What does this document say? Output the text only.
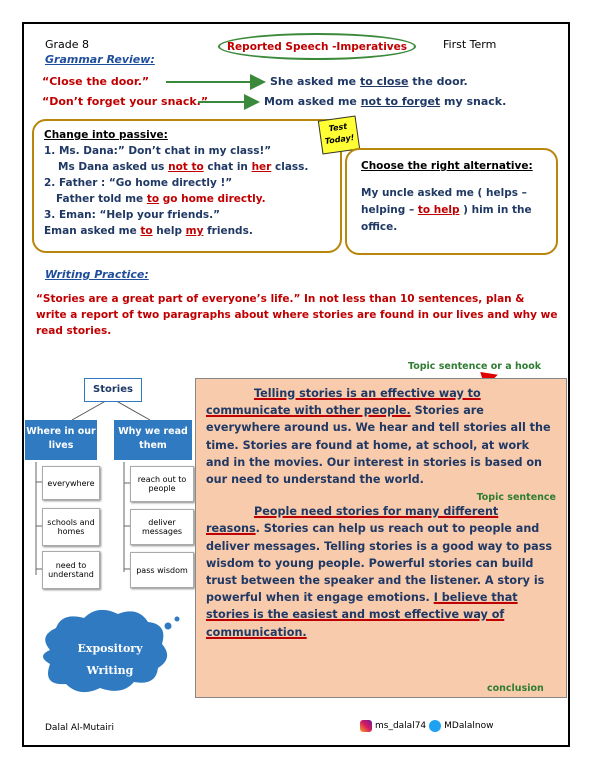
Grade 8	Reported Speech -Imperatives	First Term
Grammar Review:
“Close the door.”	She asked me to close the door.
“Don’t forget your snack.”	Mom asked me not to forget my snack.
Change into passive:
1. Ms. Dana:” Don’t chat in my class!”
Ms Dana asked us not to chat in her class.
2. Father : “Go home directly !”
Father told me to go home directly.
3. Eman: “Help your friends.”
Eman asked me to help my friends.
Test
Today!
Choose the right alternative:
My uncle asked me ( helps – helping – to help ) him in the office.
Writing Practice:
“Stories are a great part of everyone’s life.” In not less than 10 sentences, plan & write a report of two paragraphs about where stories are found in our lives and why we read stories.
Topic sentence or a hook
Stories
Where in our lives
Why we read them
everywhere
schools and homes
need to understand
reach out to people
deliver messages
pass wisdom
Expository
Writing

Telling stories is an effective way to communicate with other people. Stories are everywhere around us. We hear and tell stories all the time. Stories are found at home, at school, at work and in the movies. Our interest in stories is based on our need to understand the world.

Topic sentence

People need stories for many different reasons. Stories can help us reach out to people and deliver messages. Telling stories is a good way to pass wisdom to young people. Powerful stories can build trust between the speaker and the listener. A story is powerful when it engage emotions. I believe that stories is the easiest and most effective way of communication.

conclusion
Dalal Al-Mutairi	ms_dalal74 MDalalnow
